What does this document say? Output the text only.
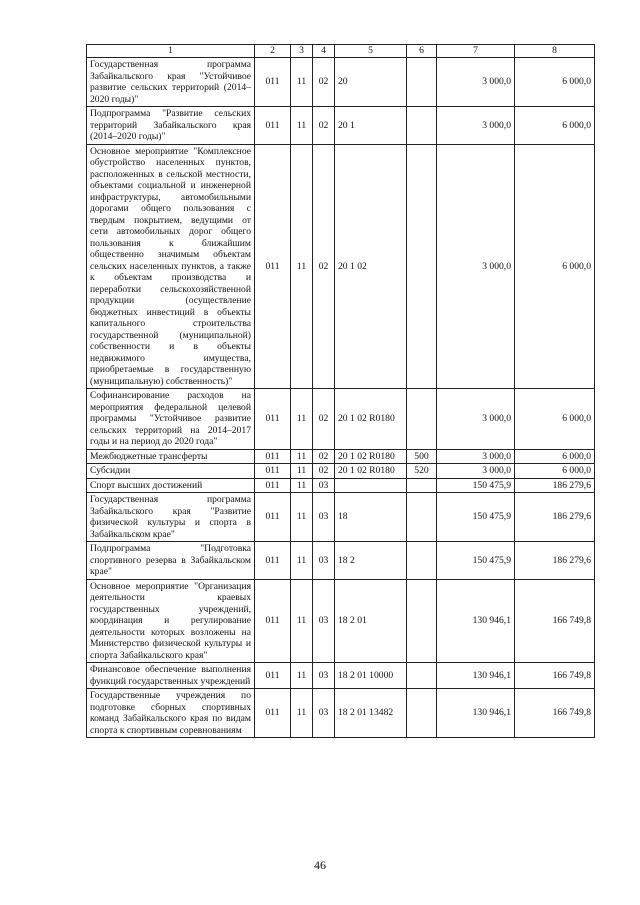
1	2	3	4	5	6	7	8
Государственная программа Забайкальского края "Устойчивое развитие сельских территорий (2014–2020 годы)"	011	11	02	20		3 000,0	6 000,0
Подпрограмма "Развитие сельских территорий Забайкальского края (2014–2020 годы)"	011	11	02	20 1		3 000,0	6 000,0
Основное мероприятие "Комплексное обустройство населенных пунктов, расположенных в сельской местности, объектами социальной и инженерной инфраструктуры, автомобильными дорогами общего пользования с твердым покрытием, ведущими от сети автомобильных дорог общего пользования к ближайшим общественно значимым объектам сельских населенных пунктов, а также к объектам производства и переработки сельскохозяйственной продукции (осуществление бюджетных инвестиций в объекты капитального строительства государственной (муниципальной) собственности и в объекты недвижимого имущества, приобретаемые в государственную (муниципальную) собственность)"	011	11	02	20 1 02		3 000,0	6 000,0
Софинансирование расходов на мероприятия федеральной целевой программы "Устойчивое развитие сельских территорий на 2014–2017 годы и на период до 2020 года"	011	11	02	20 1 02 R0180		3 000,0	6 000,0
Межбюджетные трансферты	011	11	02	20 1 02 R0180	500	3 000,0	6 000,0
Субсидии	011	11	02	20 1 02 R0180	520	3 000,0	6 000,0
Спорт высших достижений	011	11	03			150 475,9	186 279,6
Государственная программа Забайкальского края "Развитие физической культуры и спорта в Забайкальском крае"	011	11	03	18		150 475,9	186 279,6
Подпрограмма "Подготовка спортивного резерва в Забайкальском крае"	011	11	03	18 2		150 475,9	186 279,6
Основное мероприятие "Организация деятельности краевых государственных учреждений, координация и регулирование деятельности которых возложены на Министерство физической культуры и спорта Забайкальского края"	011	11	03	18 2 01		130 946,1	166 749,8
Финансовое обеспечение выполнения функций государственных учреждений	011	11	03	18 2 01 10000		130 946,1	166 749,8
Государственные учреждения по подготовке сборных спортивных команд Забайкальского края по видам спорта к спортивным соревнованиям	011	11	03	18 2 01 13482		130 946,1	166 749,8
46
